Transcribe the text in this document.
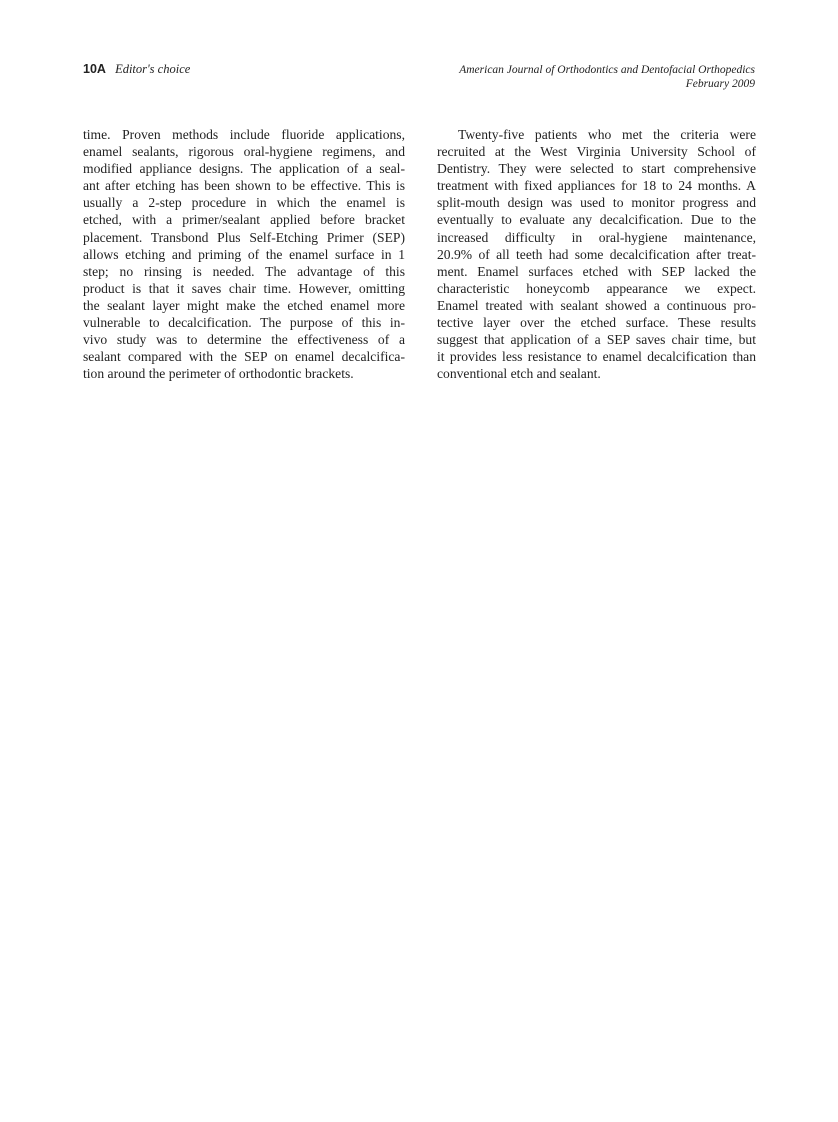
10A Editor's choice	American Journal of Orthodontics and Dentofacial Orthopedics
February 2009
time. Proven methods include fluoride applications,
enamel sealants, rigorous oral-hygiene regimens, and
modified appliance designs. The application of a seal-
ant after etching has been shown to be effective. This is
usually a 2-step procedure in which the enamel is
etched, with a primer/sealant applied before bracket
placement. Transbond Plus Self-Etching Primer (SEP)
allows etching and priming of the enamel surface in 1
step; no rinsing is needed. The advantage of this
product is that it saves chair time. However, omitting
the sealant layer might make the etched enamel more
vulnerable to decalcification. The purpose of this in-
vivo study was to determine the effectiveness of a
sealant compared with the SEP on enamel decalcifica-
tion around the perimeter of orthodontic brackets.
Twenty-five patients who met the criteria were
recruited at the West Virginia University School of
Dentistry. They were selected to start comprehensive
treatment with fixed appliances for 18 to 24 months. A
split-mouth design was used to monitor progress and
eventually to evaluate any decalcification. Due to the
increased difficulty in oral-hygiene maintenance,
20.9% of all teeth had some decalcification after treat-
ment. Enamel surfaces etched with SEP lacked the
characteristic honeycomb appearance we expect.
Enamel treated with sealant showed a continuous pro-
tective layer over the etched surface. These results
suggest that application of a SEP saves chair time, but
it provides less resistance to enamel decalcification than
conventional etch and sealant.
